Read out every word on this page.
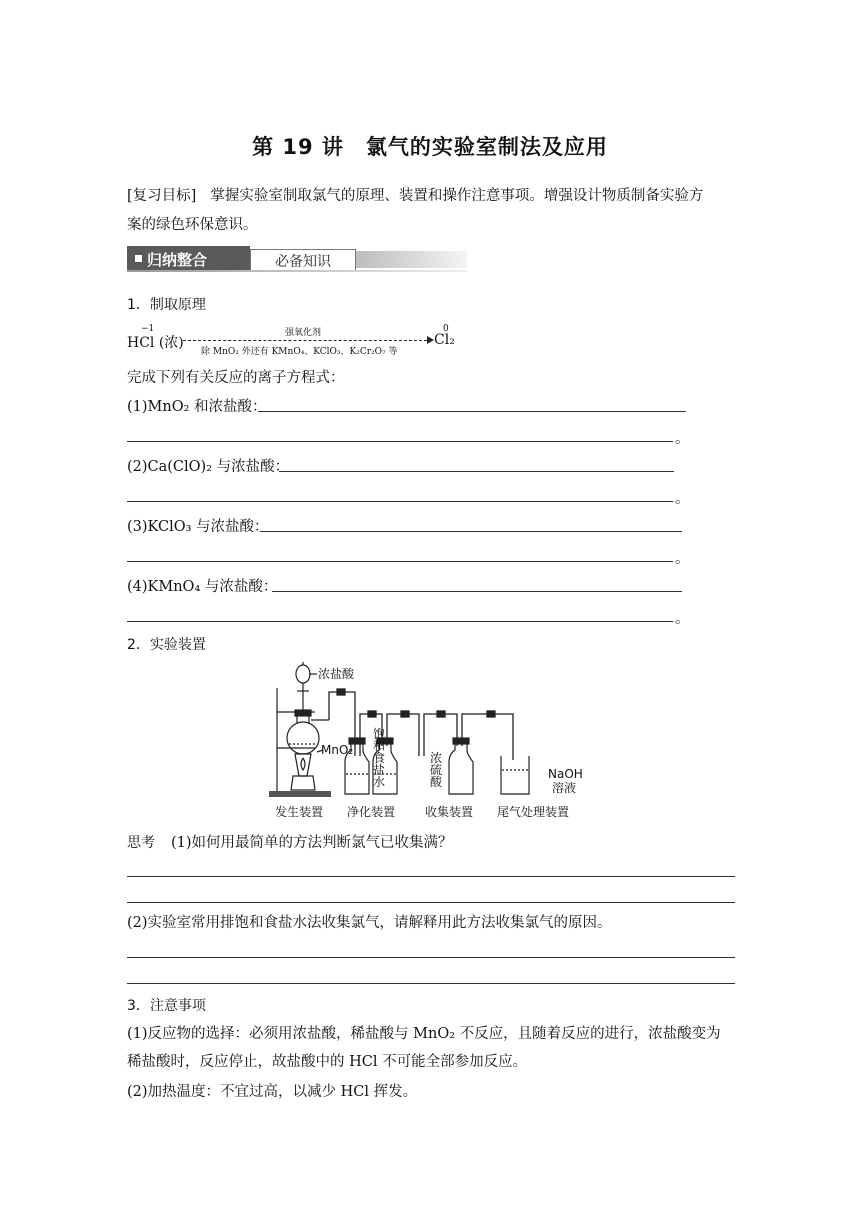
第 19 讲　氯气的实验室制法及应用
[复习目标] 掌握实验室制取氯气的原理、装置和操作注意事项。增强设计物质制备实验方
案的绿色环保意识。
归纳整合	必备知识
1．制取原理
−1
HCl (浓)
强氧化剂
除 MnO₂ 外还有 KMnO₄、KClO₃、K₂Cr₂O₇ 等
0
Cl₂
完成下列有关反应的离子方程式：
(1)MnO₂ 和浓盐酸：
。
(2)Ca(ClO)₂ 与浓盐酸：
。
(3)KClO₃ 与浓盐酸：
。
(4)KMnO₄ 与浓盐酸：
。
2．实验装置
浓盐酸
MnO₂
饱
和
食
盐
水
浓
硫
酸
NaOH
溶液
发生装置 净化装置 收集装置 尾气处理装置
思考 (1)如何用最简单的方法判断氯气已收集满？
(2)实验室常用排饱和食盐水法收集氯气，请解释用此方法收集氯气的原因。
3．注意事项
(1)反应物的选择：必须用浓盐酸，稀盐酸与 MnO₂ 不反应，且随着反应的进行，浓盐酸变为
稀盐酸时，反应停止，故盐酸中的 HCl 不可能全部参加反应。
(2)加热温度：不宜过高，以减少 HCl 挥发。
